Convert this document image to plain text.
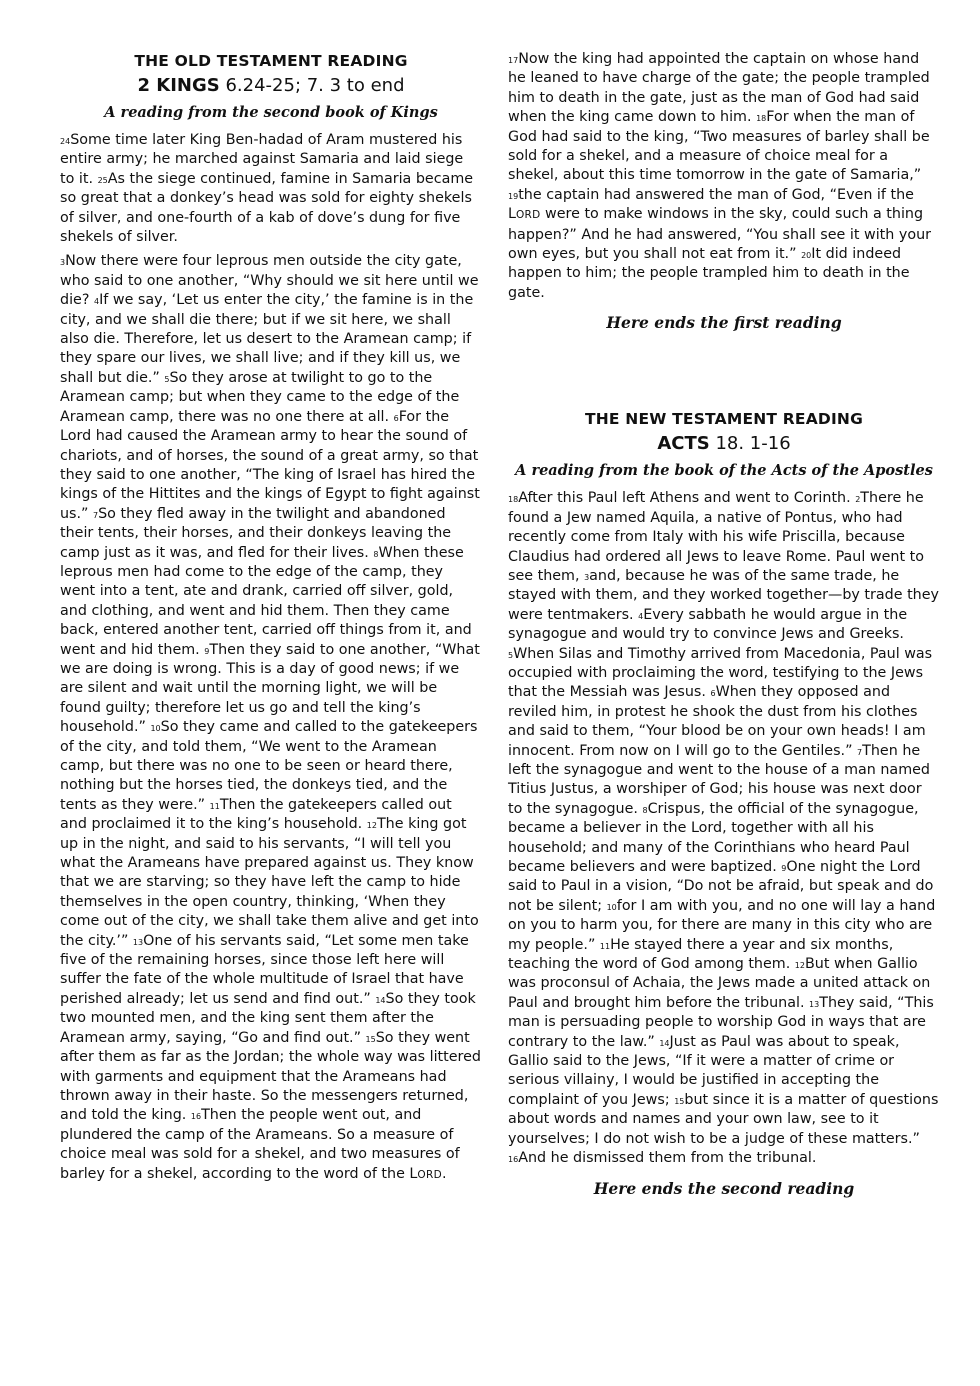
THE OLD TESTAMENT READING
2 KINGS 6.24-25; 7. 3 to end
A reading from the second book of Kings

$^{24}$Some time later King Ben-hadad of Aram mustered his entire army; he marched against Samaria and laid siege to it. $^{25}$As the siege continued, famine in Samaria became so great that a donkey’s head was sold for eighty shekels of silver, and one-fourth of a kab of dove’s dung for five shekels of silver.

$^3$Now there were four leprous men outside the city gate, who said to one another, “Why should we sit here until we die? $^4$If we say, ‘Let us enter the city,’ the famine is in the city, and we shall die there; but if we sit here, we shall also die. Therefore, let us desert to the Aramean camp; if they spare our lives, we shall live; and if they kill us, we shall but die.” $^5$So they arose at twilight to go to the Aramean camp; but when they came to the edge of the Aramean camp, there was no one there at all. $^6$For the Lord had caused the Aramean army to hear the sound of chariots, and of horses, the sound of a great army, so that they said to one another, “The king of Israel has hired the kings of the Hittites and the kings of Egypt to fight against us.” $^7$So they fled away in the twilight and abandoned their tents, their horses, and their donkeys leaving the camp just as it was, and fled for their lives. $^8$When these leprous men had come to the edge of the camp, they went into a tent, ate and drank, carried off silver, gold, and clothing, and went and hid them. Then they came back, entered another tent, carried off things from it, and went and hid them. $^9$Then they said to one another, “What we are doing is wrong. This is a day of good news; if we are silent and wait until the morning light, we will be found guilty; therefore let us go and tell the king’s household.” $^{10}$So they came and called to the gatekeepers of the city, and told them, “We went to the Aramean camp, but there was no one to be seen or heard there, nothing but the horses tied, the donkeys tied, and the tents as they were.” $^{11}$Then the gatekeepers called out and proclaimed it to the king’s household. $^{12}$The king got up in the night, and said to his servants, “I will tell you what the Arameans have prepared against us. They know that we are starving; so they have left the camp to hide themselves in the open country, thinking, ‘When they come out of the city, we shall take them alive and get into the city.’” $^{13}$One of his servants said, “Let some men take five of the remaining horses, since those left here will suffer the fate of the whole multitude of Israel that have perished already; let us send and find out.” $^{14}$So they took two mounted men, and the king sent them after the Aramean army, saying, “Go and find out.” $^{15}$So they went after them as far as the Jordan; the whole way was littered with garments and equipment that the Arameans had thrown away in their haste. So the messengers returned, and told the king. $^{16}$Then the people went out, and plundered the camp of the Arameans. So a measure of choice meal was sold for a shekel, and two measures of barley for a shekel, according to the word of the LORD.

$^{17}$Now the king had appointed the captain on whose hand he leaned to have charge of the gate; the people trampled him to death in the gate, just as the man of God had said when the king came down to him. $^{18}$For when the man of God had said to the king, “Two measures of barley shall be sold for a shekel, and a measure of choice meal for a shekel, about this time tomorrow in the gate of Samaria,” $^{19}$the captain had answered the man of God, “Even if the LORD were to make windows in the sky, could such a thing happen?” And he had answered, “You shall see it with your own eyes, but you shall not eat from it.” $^{20}$It did indeed happen to him; the people trampled him to death in the gate.

Here ends the first reading
THE NEW TESTAMENT READING
ACTS 18. 1-16
A reading from the book of the Acts of the Apostles

$^{18}$After this Paul left Athens and went to Corinth. $^2$There he found a Jew named Aquila, a native of Pontus, who had recently come from Italy with his wife Priscilla, because Claudius had ordered all Jews to leave Rome. Paul went to see them, $^3$and, because he was of the same trade, he stayed with them, and they worked together—by trade they were tentmakers. $^4$Every sabbath he would argue in the synagogue and would try to convince Jews and Greeks. $^5$When Silas and Timothy arrived from Macedonia, Paul was occupied with proclaiming the word, testifying to the Jews that the Messiah was Jesus. $^6$When they opposed and reviled him, in protest he shook the dust from his clothes and said to them, “Your blood be on your own heads! I am innocent. From now on I will go to the Gentiles.” $^7$Then he left the synagogue and went to the house of a man named Titius Justus, a worshiper of God; his house was next door to the synagogue. $^8$Crispus, the official of the synagogue, became a believer in the Lord, together with all his household; and many of the Corinthians who heard Paul became believers and were baptized. $^9$One night the Lord said to Paul in a vision, “Do not be afraid, but speak and do not be silent; $^{10}$for I am with you, and no one will lay a hand on you to harm you, for there are many in this city who are my people.” $^{11}$He stayed there a year and six months, teaching the word of God among them. $^{12}$But when Gallio was proconsul of Achaia, the Jews made a united attack on Paul and brought him before the tribunal. $^{13}$They said, “This man is persuading people to worship God in ways that are contrary to the law.” $^{14}$Just as Paul was about to speak, Gallio said to the Jews, “If it were a matter of crime or serious villainy, I would be justified in accepting the complaint of you Jews; $^{15}$but since it is a matter of questions about words and names and your own law, see to it yourselves; I do not wish to be a judge of these matters.” $^{16}$And he dismissed them from the tribunal.

Here ends the second reading
